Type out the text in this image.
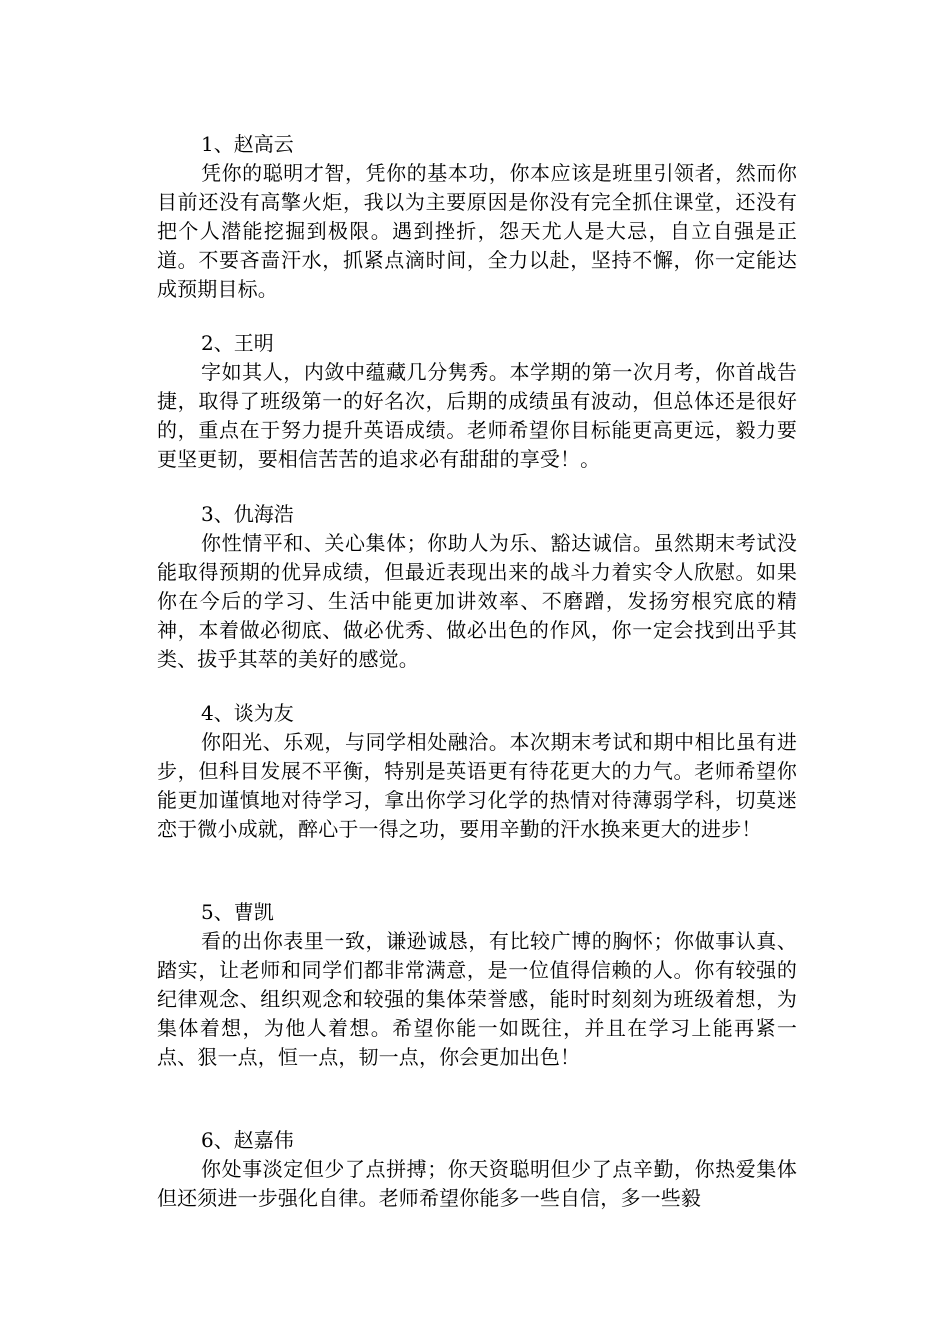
1、赵高云

凭你的聪明才智，凭你的基本功，你本应该是班里引领者，然而你目前还没有高擎火炬，我以为主要原因是你没有完全抓住课堂，还没有把个人潜能挖掘到极限。遇到挫折，怨天尤人是大忌，自立自强是正道。不要吝啬汗水，抓紧点滴时间，全力以赴，坚持不懈，你一定能达成预期目标。

2、王明

字如其人，内敛中蕴藏几分隽秀。本学期的第一次月考，你首战告捷，取得了班级第一的好名次，后期的成绩虽有波动，但总体还是很好的，重点在于努力提升英语成绩。老师希望你目标能更高更远，毅力要更坚更韧，要相信苦苦的追求必有甜甜的享受！。

3、仇海浩

你性情平和、关心集体；你助人为乐、豁达诚信。虽然期末考试没能取得预期的优异成绩，但最近表现出来的战斗力着实令人欣慰。如果你在今后的学习、生活中能更加讲效率、不磨蹭，发扬穷根究底的精神，本着做必彻底、做必优秀、做必出色的作风，你一定会找到出乎其类、拔乎其萃的美好的感觉。

4、谈为友

你阳光、乐观，与同学相处融洽。本次期末考试和期中相比虽有进步，但科目发展不平衡，特别是英语更有待花更大的力气。老师希望你能更加谨慎地对待学习，拿出你学习化学的热情对待薄弱学科，切莫迷恋于微小成就，醉心于一得之功，要用辛勤的汗水换来更大的进步！

5、曹凯

看的出你表里一致，谦逊诚恳，有比较广博的胸怀；你做事认真、踏实，让老师和同学们都非常满意，是一位值得信赖的人。你有较强的纪律观念、组织观念和较强的集体荣誉感，能时时刻刻为班级着想，为集体着想，为他人着想。希望你能一如既往，并且在学习上能再紧一点、狠一点，恒一点，韧一点，你会更加出色！

6、赵嘉伟

你处事淡定但少了点拼搏；你天资聪明但少了点辛勤，你热爱集体但还须进一步强化自律。老师希望你能多一些自信，多一些毅
